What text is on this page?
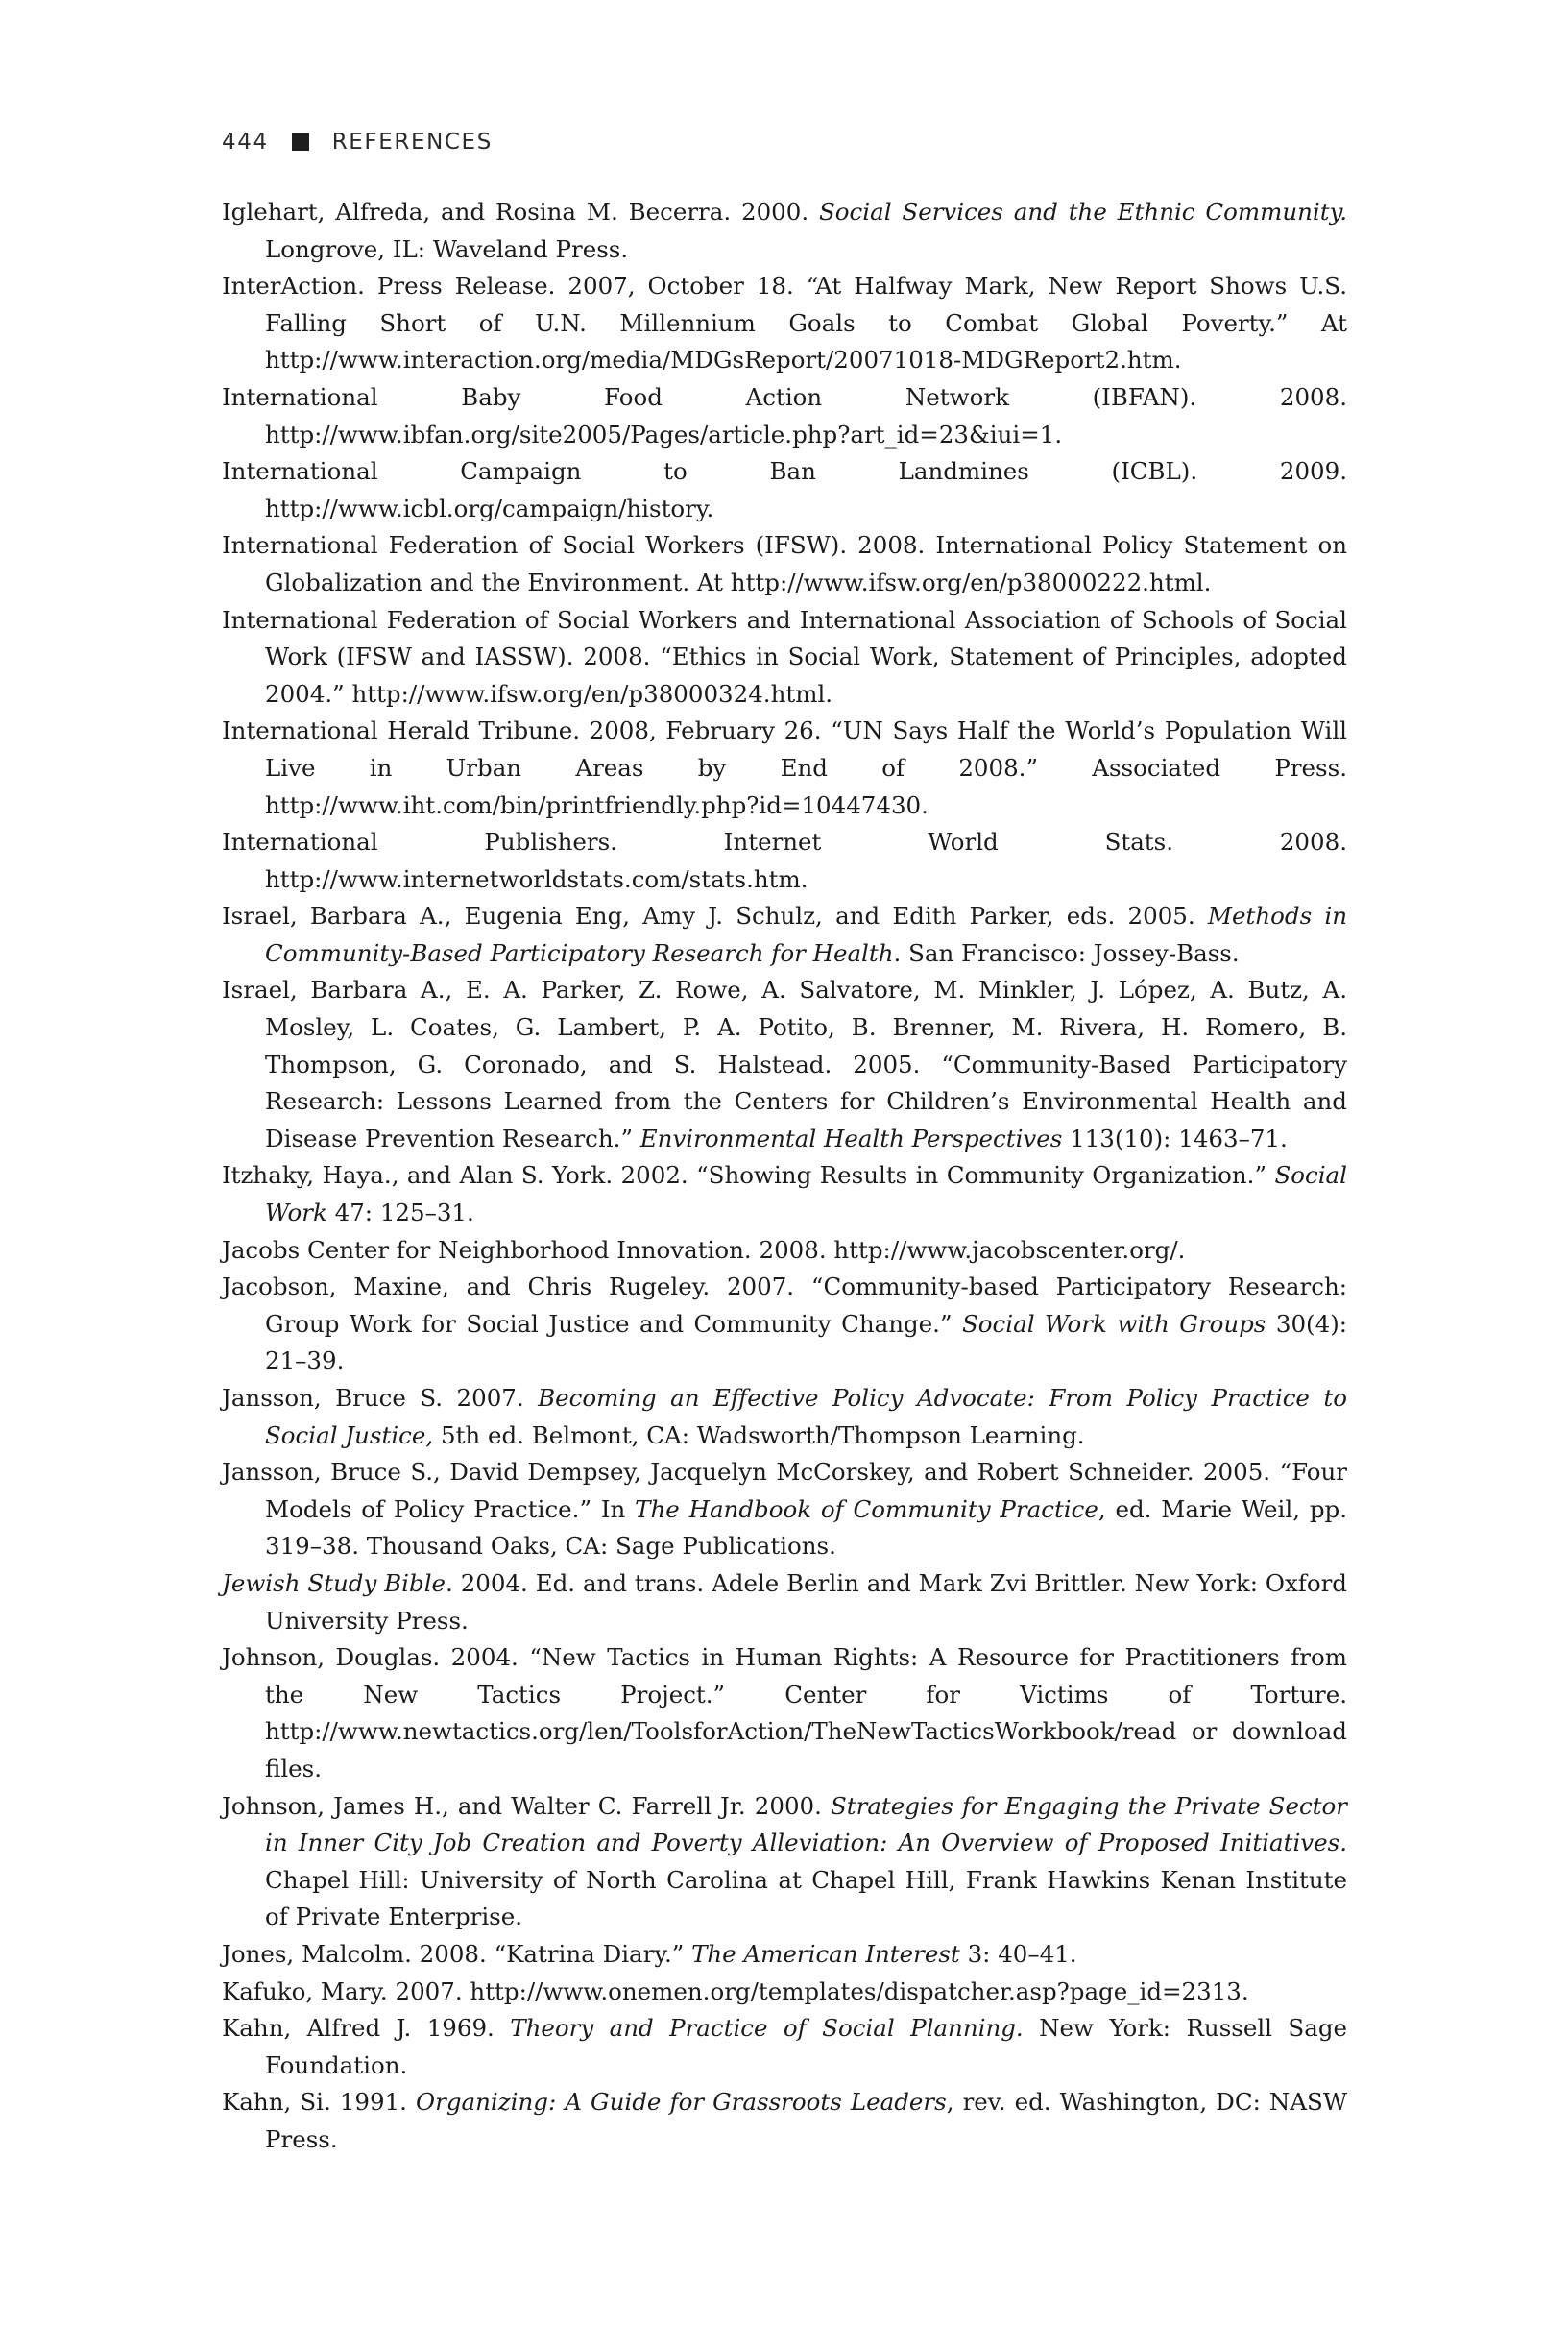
444	REFERENCES

Iglehart, Alfreda, and Rosina M. Becerra. 2000. Social Services and the Ethnic Community. Longrove, IL: Waveland Press.

InterAction. Press Release. 2007, October 18. “At Halfway Mark, New Report Shows U.S. Falling Short of U.N. Millennium Goals to Combat Global Poverty.” At http://www.interaction.org/media/MDGsReport/20071018-MDGReport2.htm.

International Baby Food Action Network (IBFAN). 2008. http://www.ibfan.org/site2005/Pages/article.php?art_id=23&iui=1.

International Campaign to Ban Landmines (ICBL). 2009. http://www.icbl.org/campaign/history.

International Federation of Social Workers (IFSW). 2008. International Policy Statement on Globalization and the Environment. At http://www.ifsw.org/en/p38000222.html.

International Federation of Social Workers and International Association of Schools of Social Work (IFSW and IASSW). 2008. “Ethics in Social Work, Statement of Principles, adopted 2004.” http://www.ifsw.org/en/p38000324.html.

International Herald Tribune. 2008, February 26. “UN Says Half the World’s Population Will Live in Urban Areas by End of 2008.” Associated Press. http://www.iht.com/bin/printfriendly.php?id=10447430.

International Publishers. Internet World Stats. 2008. http://www.internetworldstats.com/stats.htm.

Israel, Barbara A., Eugenia Eng, Amy J. Schulz, and Edith Parker, eds. 2005. Methods in Community-Based Participatory Research for Health. San Francisco: Jossey-Bass.

Israel, Barbara A., E. A. Parker, Z. Rowe, A. Salvatore, M. Minkler, J. López, A. Butz, A. Mosley, L. Coates, G. Lambert, P. A. Potito, B. Brenner, M. Rivera, H. Romero, B. Thompson, G. Coronado, and S. Halstead. 2005. “Community-Based Participatory Research: Lessons Learned from the Centers for Children’s Environmental Health and Disease Prevention Research.” Environmental Health Perspectives 113(10): 1463–71.

Itzhaky, Haya., and Alan S. York. 2002. “Showing Results in Community Organization.” Social Work 47: 125–31.

Jacobs Center for Neighborhood Innovation. 2008. http://www.jacobscenter.org/.

Jacobson, Maxine, and Chris Rugeley. 2007. “Community-based Participatory Research: Group Work for Social Justice and Community Change.” Social Work with Groups 30(4): 21–39.

Jansson, Bruce S. 2007. Becoming an Effective Policy Advocate: From Policy Practice to Social Justice, 5th ed. Belmont, CA: Wadsworth/Thompson Learning.

Jansson, Bruce S., David Dempsey, Jacquelyn McCorskey, and Robert Schneider. 2005. “Four Models of Policy Practice.” In The Handbook of Community Practice, ed. Marie Weil, pp. 319–38. Thousand Oaks, CA: Sage Publications.

Jewish Study Bible. 2004. Ed. and trans. Adele Berlin and Mark Zvi Brittler. New York: Oxford University Press.

Johnson, Douglas. 2004. “New Tactics in Human Rights: A Resource for Practitioners from the New Tactics Project.” Center for Victims of Torture. http://www.newtactics.org/len/ToolsforAction/TheNewTacticsWorkbook/read or download files.

Johnson, James H., and Walter C. Farrell Jr. 2000. Strategies for Engaging the Private Sector in Inner City Job Creation and Poverty Alleviation: An Overview of Proposed Initiatives. Chapel Hill: University of North Carolina at Chapel Hill, Frank Hawkins Kenan Institute of Private Enterprise.

Jones, Malcolm. 2008. “Katrina Diary.” The American Interest 3: 40–41.

Kafuko, Mary. 2007. http://www.onemen.org/templates/dispatcher.asp?page_id=2313.

Kahn, Alfred J. 1969. Theory and Practice of Social Planning. New York: Russell Sage Foundation.

Kahn, Si. 1991. Organizing: A Guide for Grassroots Leaders, rev. ed. Washington, DC: NASW Press.
